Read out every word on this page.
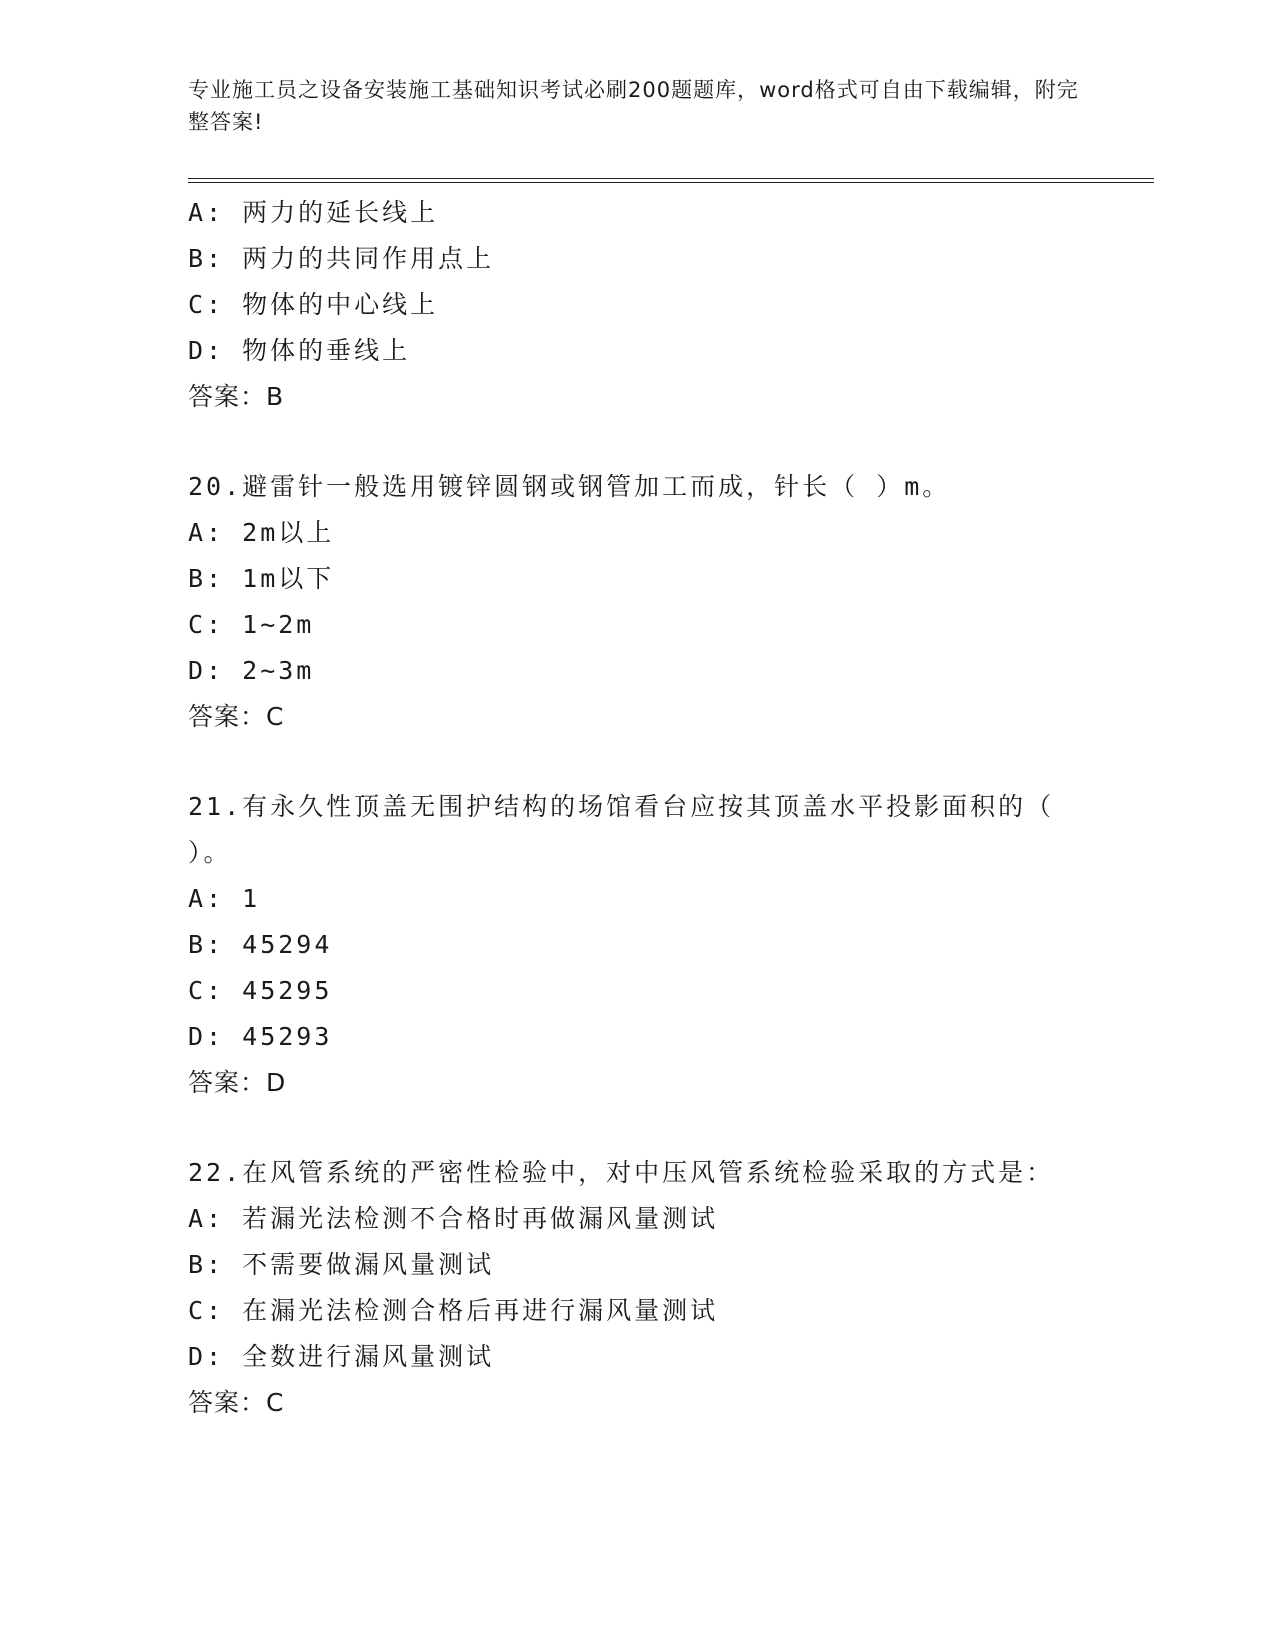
专业施工员之设备安装施工基础知识考试必刷200题题库，word格式可自由下载编辑，附完整答案!
A: 两力的延长线上
B: 两力的共同作用点上
C: 物体的中心线上
D: 物体的垂线上
答案：B
20.避雷针一般选用镀锌圆钢或钢管加工而成，针长（ ）m。
A: 2m以上
B: 1m以下
C: 1~2m
D: 2~3m
答案：C
21.有永久性顶盖无围护结构的场馆看台应按其顶盖水平投影面积的（ ）。
A: 1
B: 45294
C: 45295
D: 45293
答案：D
22.在风管系统的严密性检验中，对中压风管系统检验采取的方式是：
A: 若漏光法检测不合格时再做漏风量测试
B: 不需要做漏风量测试
C: 在漏光法检测合格后再进行漏风量测试
D: 全数进行漏风量测试
答案：C
